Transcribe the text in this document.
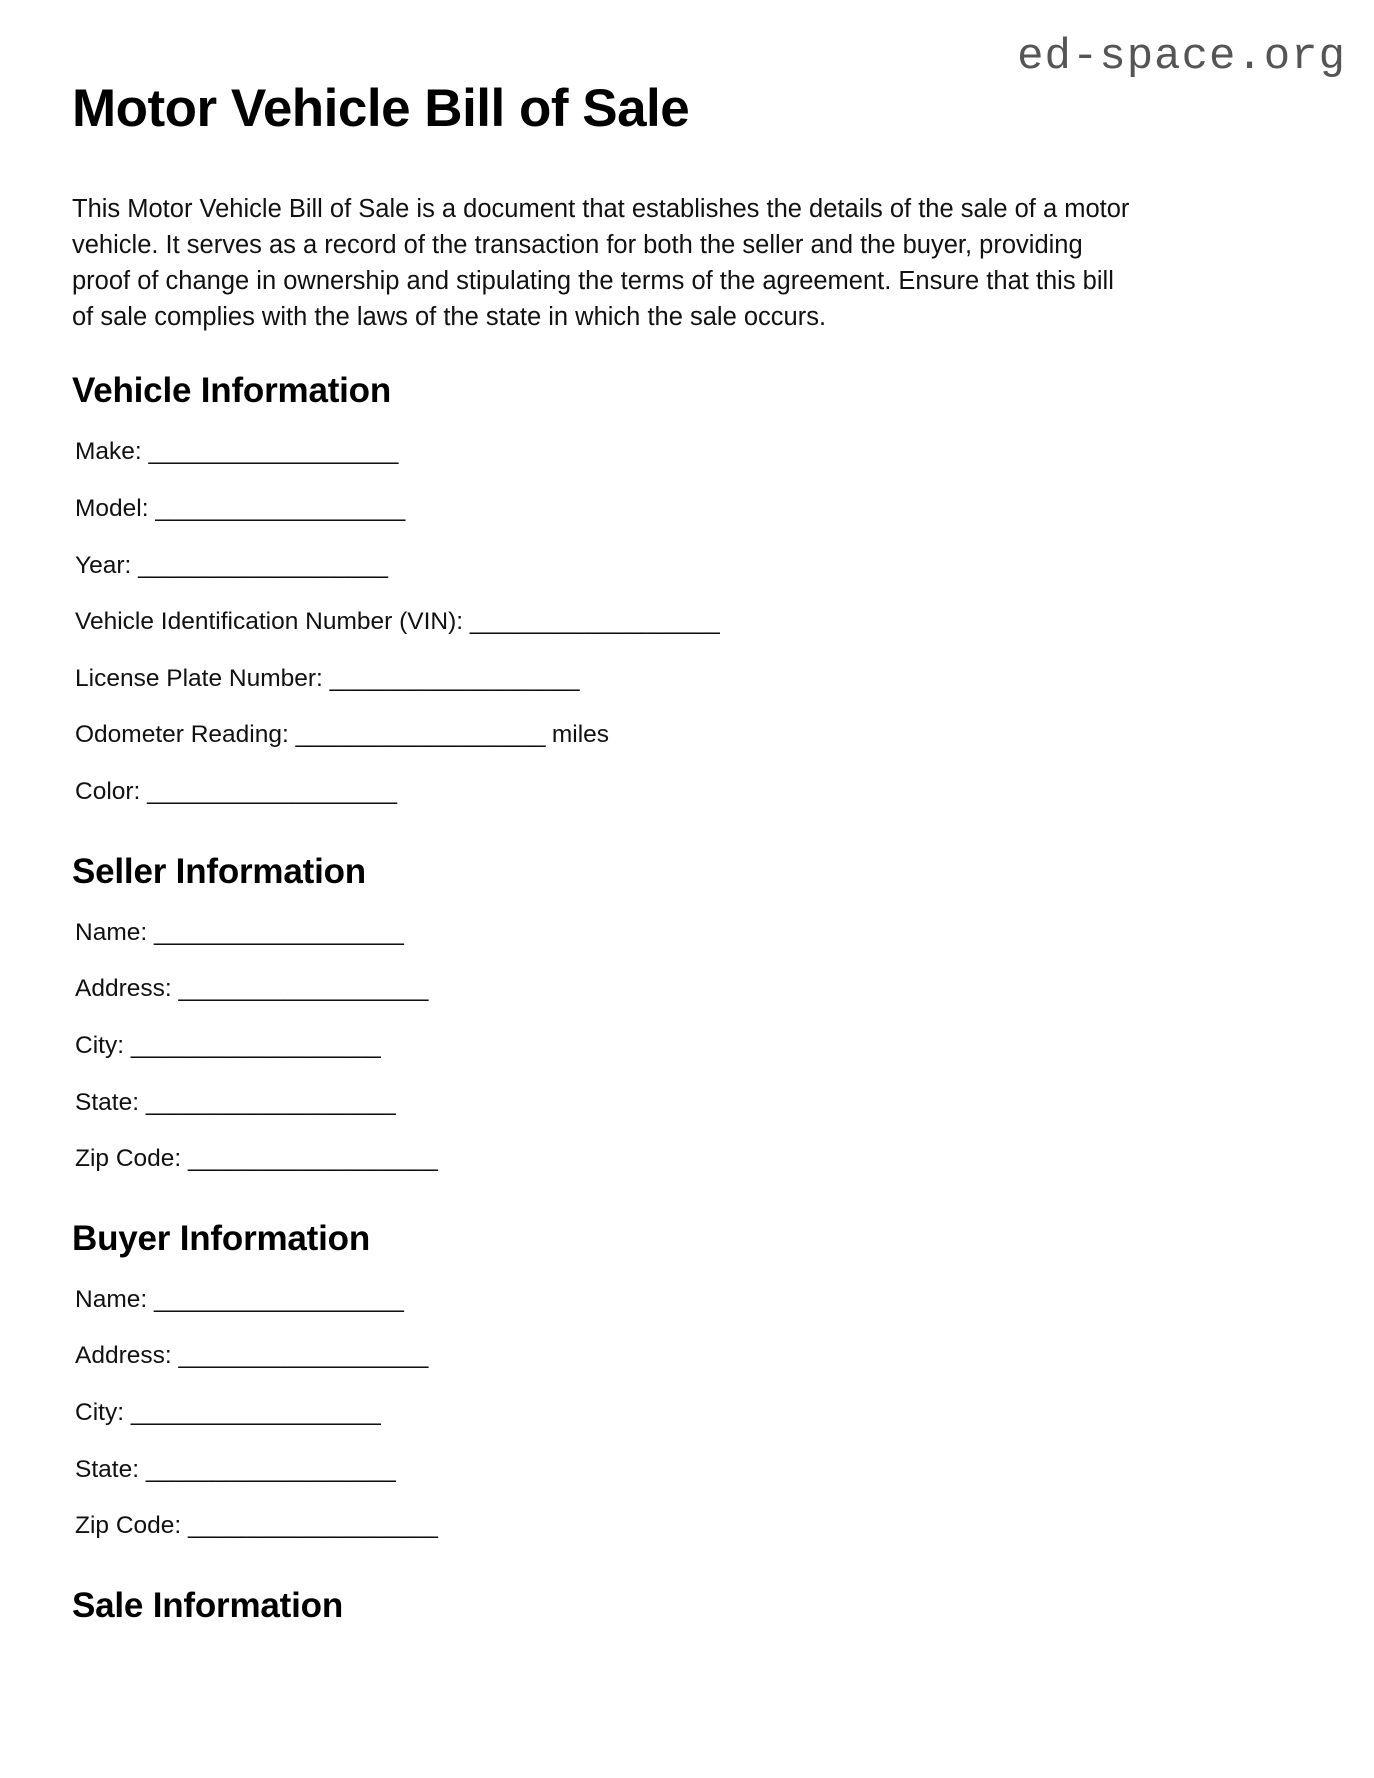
ed-space.org
Motor Vehicle Bill of Sale

This Motor Vehicle Bill of Sale is a document that establishes the details of the sale of a motor vehicle. It serves as a record of the transaction for both the seller and the buyer, providing proof of change in ownership and stipulating the terms of the agreement. Ensure that this bill of sale complies with the laws of the state in which the sale occurs.

Vehicle Information
Make: ___________________
Model: ___________________
Year: ___________________
Vehicle Identification Number (VIN): ___________________
License Plate Number: ___________________
Odometer Reading: ___________________ miles
Color: ___________________
Seller Information
Name: ___________________
Address: ___________________
City: ___________________
State: ___________________
Zip Code: ___________________
Buyer Information
Name: ___________________
Address: ___________________
City: ___________________
State: ___________________
Zip Code: ___________________
Sale Information
